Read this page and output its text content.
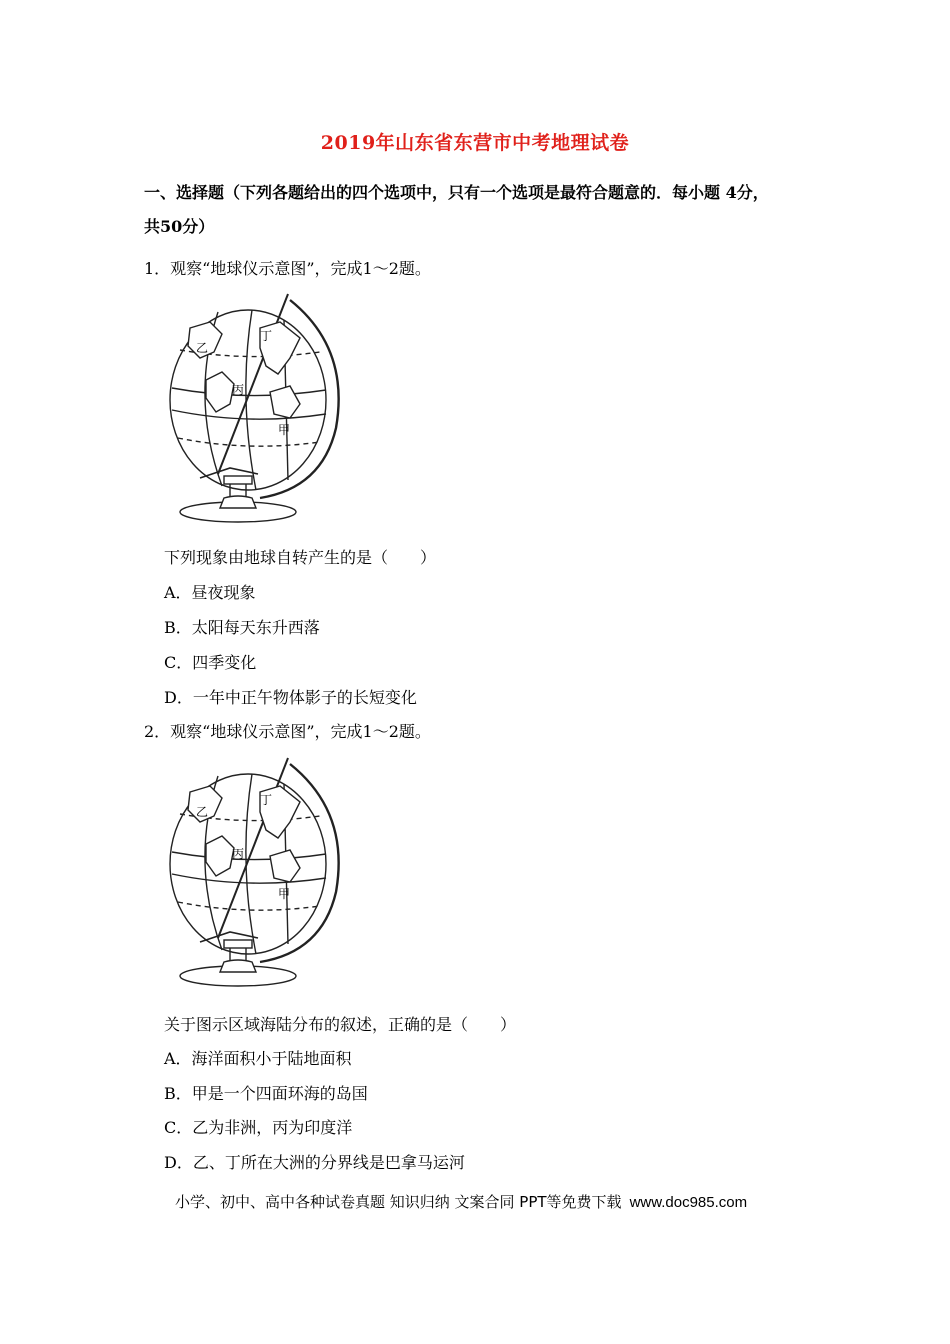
2019年山东省东营市中考地理试卷
一、选择题（下列各题给出的四个选项中，只有一个选项是最符合题意的．每小题 4分，
共50分）
1．观察“地球仪示意图”，完成1～2题。
乙
丁
丙
甲
下列现象由地球自转产生的是（　　）
A．昼夜现象
B．太阳每天东升西落
C．四季变化
D．一年中正午物体影子的长短变化
2．观察“地球仪示意图”，完成1～2题。
乙
丁
丙
甲
关于图示区域海陆分布的叙述，正确的是（　　）
A．海洋面积小于陆地面积
B．甲是一个四面环海的岛国
C．乙为非洲，丙为印度洋
D．乙、丁所在大洲的分界线是巴拿马运河
小学、初中、高中各种试卷真题 知识归纳 文案合同 PPT等免费下载 www.doc985.com
